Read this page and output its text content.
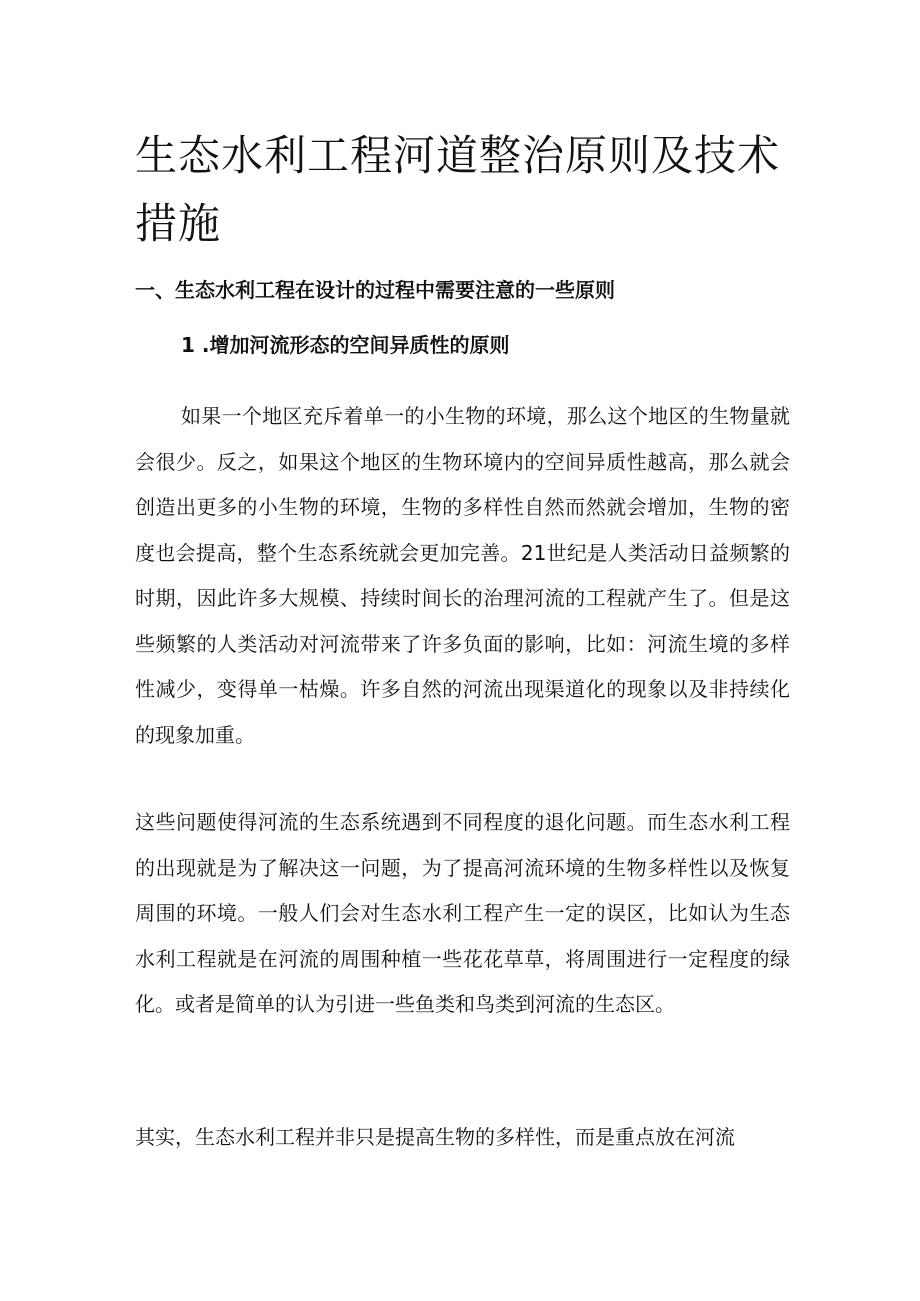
生态水利工程河道整治原则及技术措施
一、生态水利工程在设计的过程中需要注意的一些原则
1 .增加河流形态的空间异质性的原则

如果一个地区充斥着单一的小生物的环境，那么这个地区的生物量就会很少。反之，如果这个地区的生物环境内的空间异质性越高，那么就会创造出更多的小生物的环境，生物的多样性自然而然就会增加，生物的密度也会提高，整个生态系统就会更加完善。21世纪是人类活动日益频繁的时期，因此许多大规模、持续时间长的治理河流的工程就产生了。但是这些频繁的人类活动对河流带来了许多负面的影响，比如：河流生境的多样性减少，变得单一枯燥。许多自然的河流出现渠道化的现象以及非持续化的现象加重。

这些问题使得河流的生态系统遇到不同程度的退化问题。而生态水利工程的出现就是为了解决这一问题，为了提高河流环境的生物多样性以及恢复周围的环境。一般人们会对生态水利工程产生一定的误区，比如认为生态水利工程就是在河流的周围种植一些花花草草，将周围进行一定程度的绿化。或者是简单的认为引进一些鱼类和鸟类到河流的生态区。

其实，生态水利工程并非只是提高生物的多样性，而是重点放在河流
